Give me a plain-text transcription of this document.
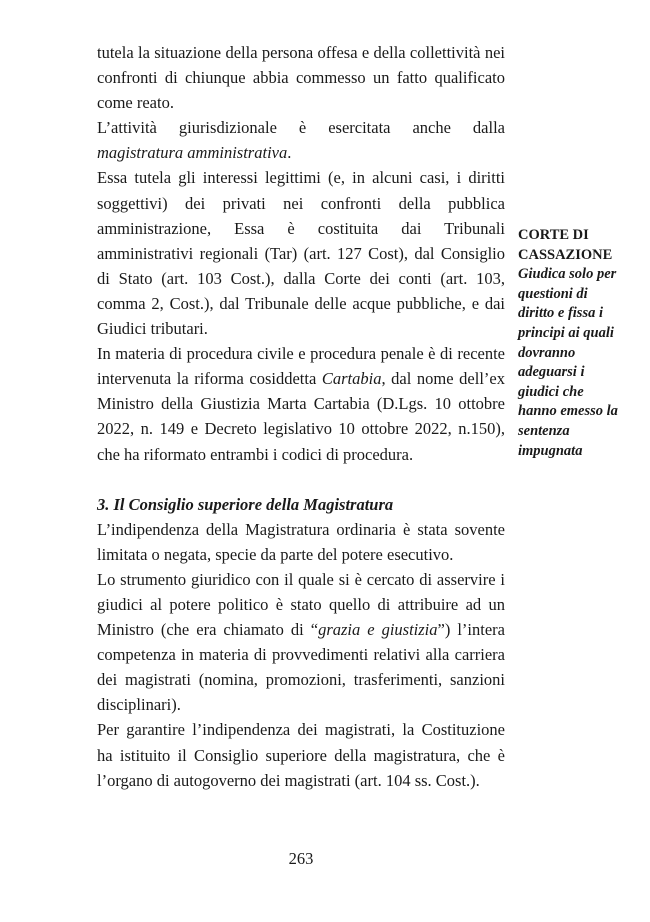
tutela la situazione della persona offesa e della collettività nei confronti di chiunque abbia commesso un fatto qualificato come reato.

L’attività giurisdizionale è esercitata anche dalla magistratura amministrativa.

Essa tutela gli interessi legittimi (e, in alcuni casi, i diritti soggettivi) dei privati nei confronti della pubblica amministrazione, Essa è costituita dai Tribunali amministrativi regionali (Tar) (art. 127 Cost), dal Consiglio di Stato (art. 103 Cost.), dalla Corte dei conti (art. 103, comma 2, Cost.), dal Tribunale delle acque pubbliche, e dai Giudici tributari.

In materia di procedura civile e procedura penale è di recente intervenuta la riforma cosiddetta Cartabia, dal nome dell’ex Ministro della Giustizia Marta Cartabia (D.Lgs. 10 ottobre 2022, n. 149 e Decreto legislativo 10 ottobre 2022, n.150), che ha riformato entrambi i codici di procedura.

3. Il Consiglio superiore della Magistratura

L’indipendenza della Magistratura ordinaria è stata sovente limitata o negata, specie da parte del potere esecutivo.

Lo strumento giuridico con il quale si è cercato di asservire i giudici al potere politico è stato quello di attribuire ad un Ministro (che era chiamato di “grazia e giustizia”) l’intera competenza in materia di provvedimenti relativi alla carriera dei magistrati (nomina, promozioni, trasferimenti, sanzioni disciplinari).

Per garantire l’indipendenza dei magistrati, la Costituzione ha istituito il Consiglio superiore della magistratura, che è l’organo di autogoverno dei magistrati (art. 104 ss. Cost.).

CORTE DI CASSAZIONE
Giudica solo per questioni di diritto e fissa i principi ai quali dovranno adeguarsi i giudici che hanno emesso la sentenza impugnata
263
